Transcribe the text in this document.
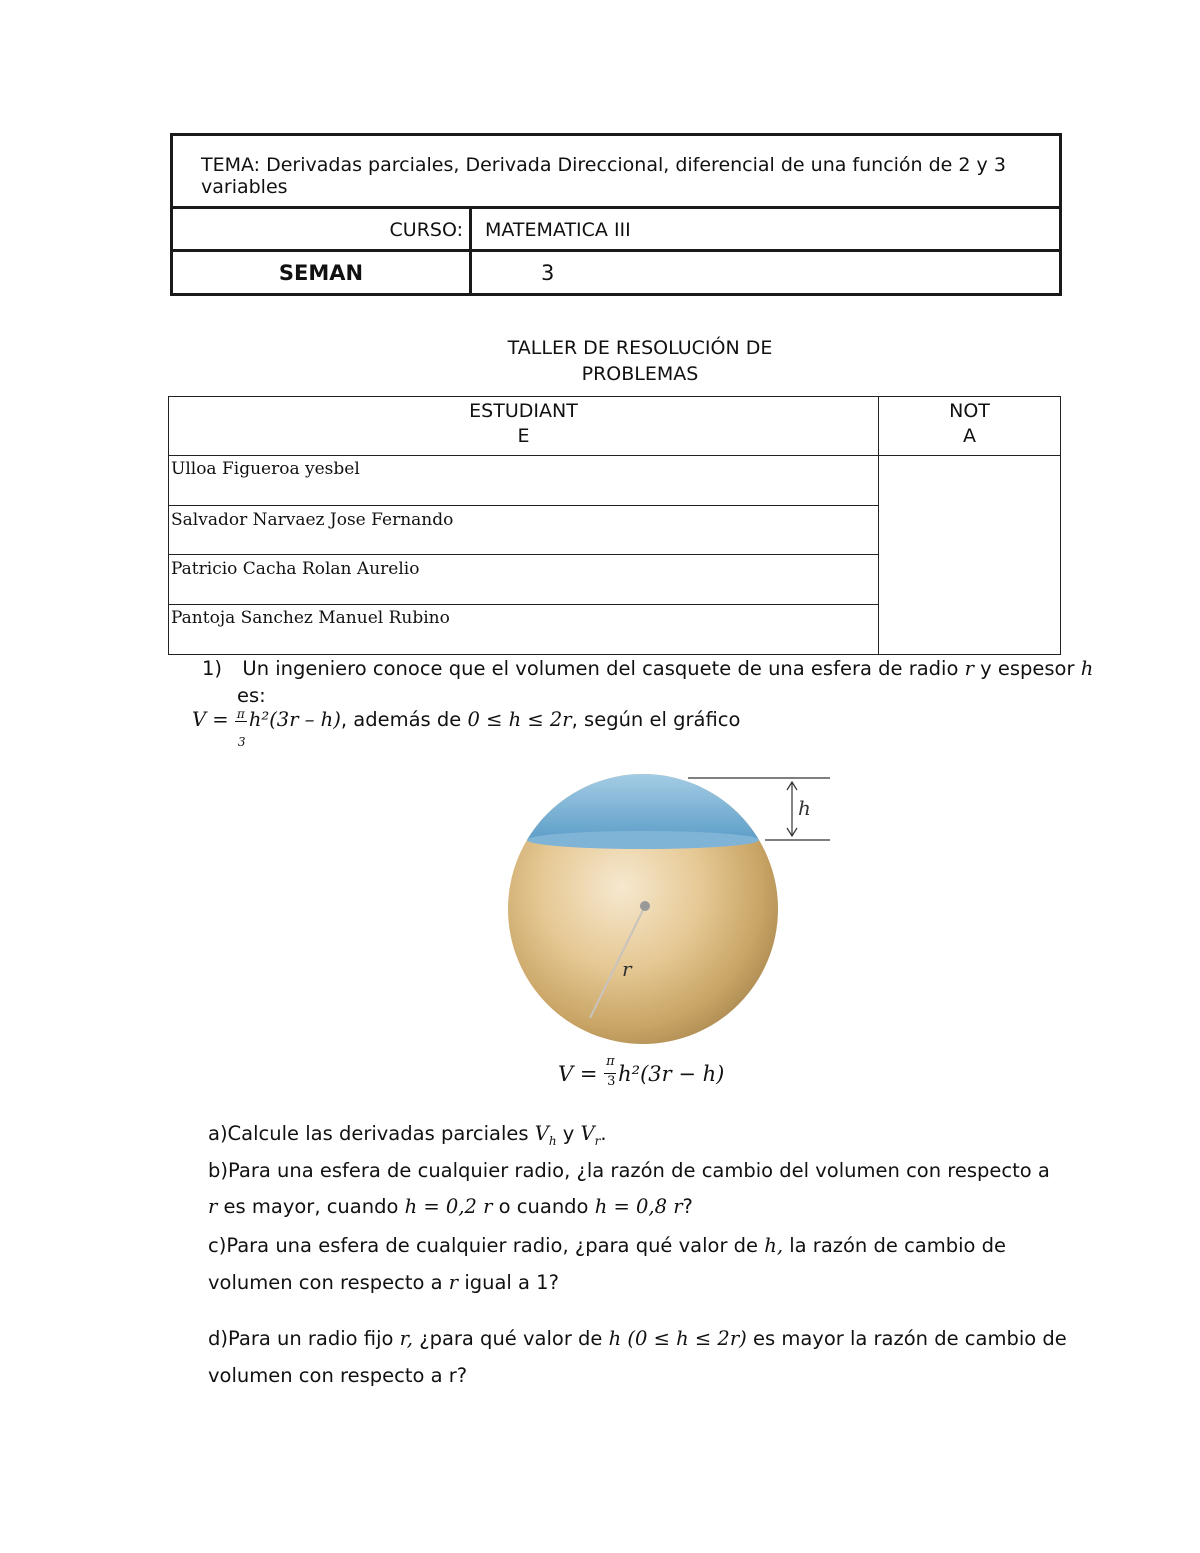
TEMA: Derivadas parciales, Derivada Direccional, diferencial de una función de 2 y 3 variables
CURSO: MATEMATICA III
SEMAN	3
TALLER DE RESOLUCIÓN DE
PROBLEMAS
ESTUDIANT
E
NOT
A
Ulloa Figueroa yesbel
Salvador Narvaez Jose Fernando
Patricio Cacha Rolan Aurelio
Pantoja Sanchez Manuel Rubino
1) Un ingeniero conoce que el volumen del casquete de una esfera de radio r y espesor h
es:
V =
$\frac{\pi}{3}$
h²(3r – h), además de 0 ≤ h ≤ 2r, según el gráfico
r
h
$V = \frac{\pi}{3} h^2(3r - h)$
a)Calcule las derivadas parciales $V_h$ y $V_r$.
b)Para una esfera de cualquier radio, ¿la razón de cambio del volumen con respecto a
r es mayor, cuando h = 0,2 r o cuando h = 0,8 r?
c)Para una esfera de cualquier radio, ¿para qué valor de h, la razón de cambio de
volumen con respecto a r igual a 1?
d)Para un radio fijo r, ¿para qué valor de h (0 ≤ h ≤ 2r) es mayor la razón de cambio de
volumen con respecto a r?
